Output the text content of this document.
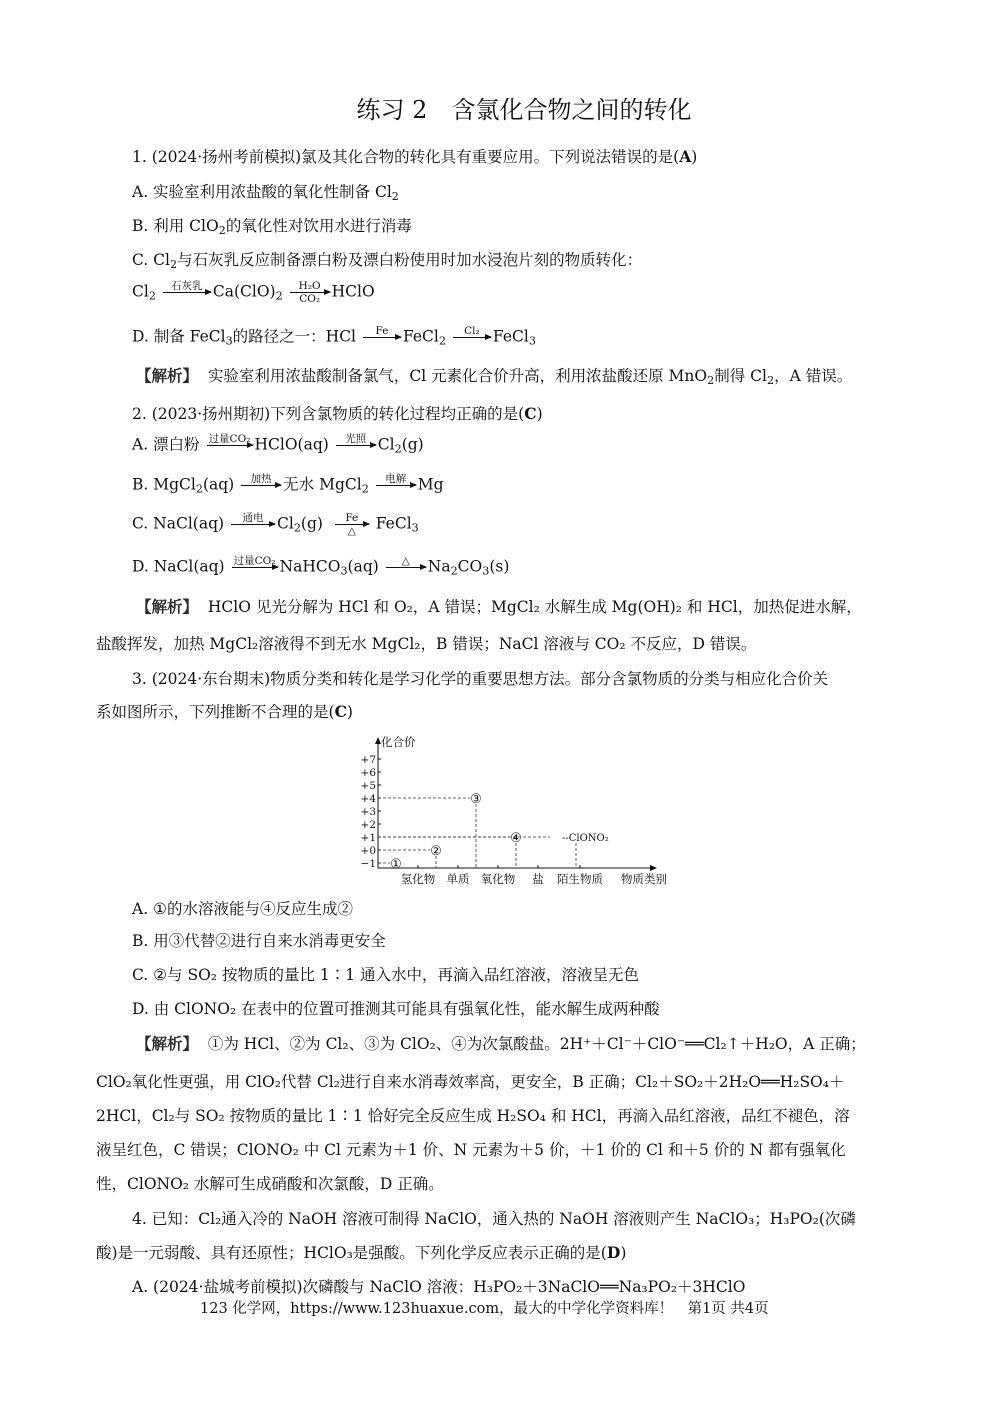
练习 2　含氯化合物之间的转化
1. (2024·扬州考前模拟)氯及其化合物的转化具有重要应用。下列说法错误的是(A)
A. 实验室利用浓盐酸的氧化性制备 $Cl_2$
B. 利用 ClO$_2$的氧化性对饮用水进行消毒
C. $Cl_2$与石灰乳反应制备漂白粉及漂白粉使用时加水浸泡片刻的物质转化：
$Cl_2$
石灰乳 $Ca(ClO)_2 \frac{\text{H₂O}}{\text{CO₂}}$ HClO
D. 制备 FeCl$_3$的路径之一：HCl	Fe FeCl$_2$
Cl₂ FeCl$_3$
【解析】 实验室利用浓盐酸制备氯气，Cl 元素化合价升高，利用浓盐酸还原 MnO$_2$制得 $Cl_2$，A 错误。
2. (2023·扬州期初)下列含氯物质的转化过程均正确的是(C)
A. 漂白粉 过量CO₂ HClO(aq)	光照 $Cl_2(g)$
B. MgCl$_2$(aq)	加热 无水 MgCl$_2$
电解 Mg
C. NaCl(aq)	通电 $Cl_2(g)$	Fe
△	FeCl$_3$
D. NaCl(aq) 过量CO₂ NaHCO$_3$(aq)	△	$Na_2CO_3(s)$
【解析】 HClO 见光分解为 HCl 和 O₂，A 错误；MgCl₂ 水解生成 Mg(OH)₂ 和 HCl，加热促进水解，
盐酸挥发，加热 MgCl₂溶液得不到无水 MgCl₂，B 错误；NaCl 溶液与 CO₂ 不反应，D 错误。
3. (2024·东台期末)物质分类和转化是学习化学的重要思想方法。部分含氯物质的分类与相应化合价关
系如图所示，下列推断不合理的是(C)
化合价
+7
+6
+5
+4
+3
+2
+1
+0
−1
氢化物 单质 氧化物 盐 陌生物质 物质类别
①
②
③
④	--ClONO₂
A. ①的水溶液能与④反应生成②
B. 用③代替②进行自来水消毒更安全
C. ②与 SO₂ 按物质的量比 1∶1 通入水中，再滴入品红溶液，溶液呈无色
D. 由 ClONO₂ 在表中的位置可推测其可能具有强氧化性，能水解生成两种酸
【解析】 ①为 HCl、②为 Cl₂、③为 ClO₂、④为次氯酸盐。2H⁺＋Cl⁻＋ClO⁻══Cl₂↑＋H₂O，A 正确；
ClO₂氧化性更强，用 ClO₂代替 Cl₂进行自来水消毒效率高，更安全，B 正确；Cl₂＋SO₂＋2H₂O══H₂SO₄＋
2HCl，Cl₂与 SO₂ 按物质的量比 1∶1 恰好完全反应生成 H₂SO₄ 和 HCl，再滴入品红溶液，品红不褪色，溶
液呈红色，C 错误；ClONO₂ 中 Cl 元素为＋1 价、N 元素为＋5 价，＋1 价的 Cl 和＋5 价的 N 都有强氧化
性，ClONO₂ 水解可生成硝酸和次氯酸，D 正确。
4. 已知：Cl₂通入冷的 NaOH 溶液可制得 NaClO，通入热的 NaOH 溶液则产生 NaClO₃；H₃PO₂(次磷
酸)是一元弱酸、具有还原性；HClO₃是强酸。下列化学反应表示正确的是(D)
A. (2024·盐城考前模拟)次磷酸与 NaClO 溶液：H₃PO₂＋3NaClO══Na₃PO₂＋3HClO
123 化学网，https://www.123huaxue.com，最大的中学化学资料库！　第1页 共4页
